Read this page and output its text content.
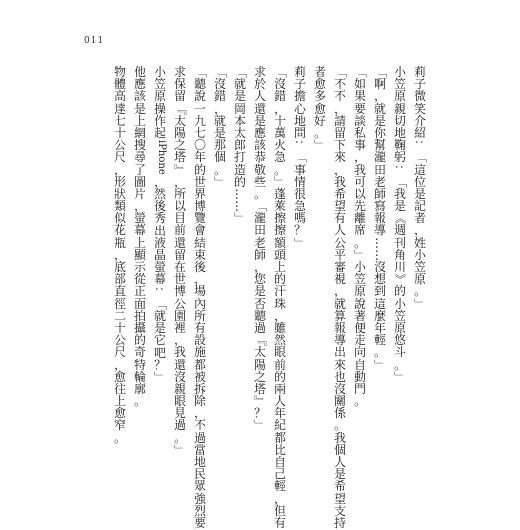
011
莉
子
微
笑
介
紹
：
「
這
位
是
記
者
，
姓
小
笠
原
。
」
小
笠
原
親
切
地
鞠
躬
：
「
我
是
《
週
刊
角
川
》
的
小
笠
原
悠
斗
。
」
「
啊
，
就
是
你
幫
瀧
田
老
師
寫
報
導
…
…
沒
想
到
這
麼
年
輕
。
」
「
如
果
要
談
私
事
，
我
可
以
先
離
席
。
」
小
笠
原
說
著
便
走
向
自
動
門
。
「
不
不
，
請
留
下
來
，
我
希
望
有
人
公
平
審
視
，
就
算
報
導
出
來
也
沒
關
係
。
我
個
人
是
希
望
支
持
者
愈
多
愈
好
。
」
莉
子
擔
心
地
問
：
「
事
情
很
急
嗎
？
」
「
沒
錯
，
十
萬
火
急
。
」
蓬
萊
擦
擦
額
頭
上
的
汗
珠
，
雖
然
眼
前
的
兩
人
年
紀
都
比
自
己
輕
，
但
有
求
於
人
還
是
應
該
恭
敬
些
。
「
瀧
田
老
師
，
您
是
否
聽
過
『
太
陽
之
塔
』
？
」
「
就
是
岡
本
太
郎
打
造
的
…
…
」
「
沒
錯
，
就
是
那
個
。
」
「
聽
說
一
九
七
〇
年
的
世
界
博
覽
會
結
束
後
，
場
內
所
有
設
施
都
被
拆
除
，
不
過
當
地
民
眾
強
烈
要
求
保
留
『
太
陽
之
塔
』
，
所
以
目
前
還
留
在
世
博
公
園
裡
，
我
還
沒
親
眼
見
過
。
」
小
笠
原
操
作
起
iPhone
，
然
後
秀
出
液
晶
螢
幕
：
「
就
是
它
吧
？
」
他
應
該
是
上
網
搜
尋
了
圖
片
，
螢
幕
上
顯
示
從
正
面
拍
攝
的
奇
特
輪
廓
。
物
體
高
達
七
十
公
尺
，
形
狀
類
似
花
瓶
，
底
部
直
徑
二
十
公
尺
，
愈
往
上
愈
窄
。
